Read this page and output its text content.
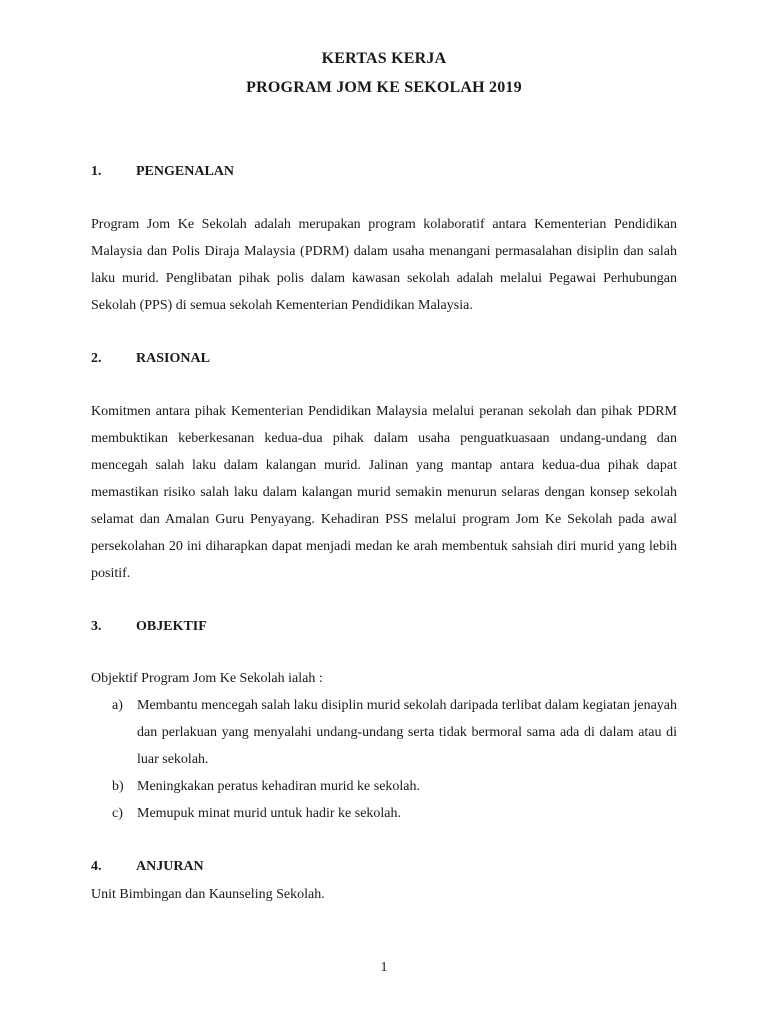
KERTAS KERJA
PROGRAM JOM KE SEKOLAH 2019
1. PENGENALAN

Program Jom Ke Sekolah adalah merupakan program kolaboratif antara Kementerian Pendidikan Malaysia dan Polis Diraja Malaysia (PDRM) dalam usaha menangani permasalahan disiplin dan salah laku murid. Penglibatan pihak polis dalam kawasan sekolah adalah melalui Pegawai Perhubungan Sekolah (PPS) di semua sekolah Kementerian Pendidikan Malaysia.

2. RASIONAL

Komitmen antara pihak Kementerian Pendidikan Malaysia melalui peranan sekolah dan pihak PDRM membuktikan keberkesanan kedua-dua pihak dalam usaha penguatkuasaan undang-undang dan mencegah salah laku dalam kalangan murid. Jalinan yang mantap antara kedua-dua pihak dapat memastikan risiko salah laku dalam kalangan murid semakin menurun selaras dengan konsep sekolah selamat dan Amalan Guru Penyayang. Kehadiran PSS melalui program Jom Ke Sekolah pada awal persekolahan 20 ini diharapkan dapat menjadi medan ke arah membentuk sahsiah diri murid yang lebih positif.

3. OBJEKTIF
Objektif Program Jom Ke Sekolah ialah :
a) Membantu mencegah salah laku disiplin murid sekolah daripada terlibat dalam kegiatan jenayah dan perlakuan yang menyalahi undang-undang serta tidak bermoral sama ada di dalam atau di luar sekolah.
b) Meningkakan peratus kehadiran murid ke sekolah.
c) Memupuk minat murid untuk hadir ke sekolah.
4. ANJURAN
Unit Bimbingan dan Kaunseling Sekolah.
1
